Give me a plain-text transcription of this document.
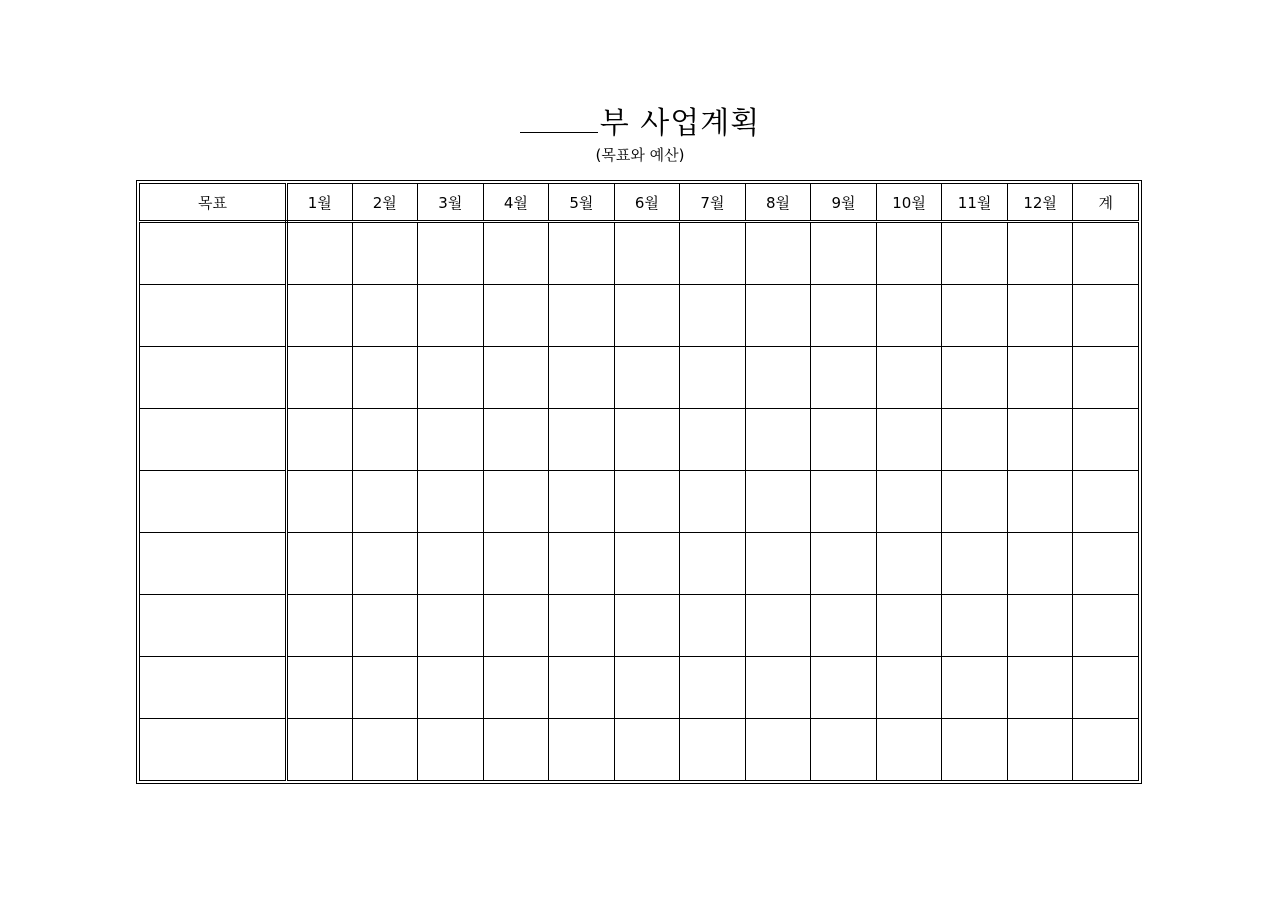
부 사업계획
(목표와 예산)
목표	1월	2월	3월	4월	5월	6월	7월	8월	9월	10월	11월	12월	계
